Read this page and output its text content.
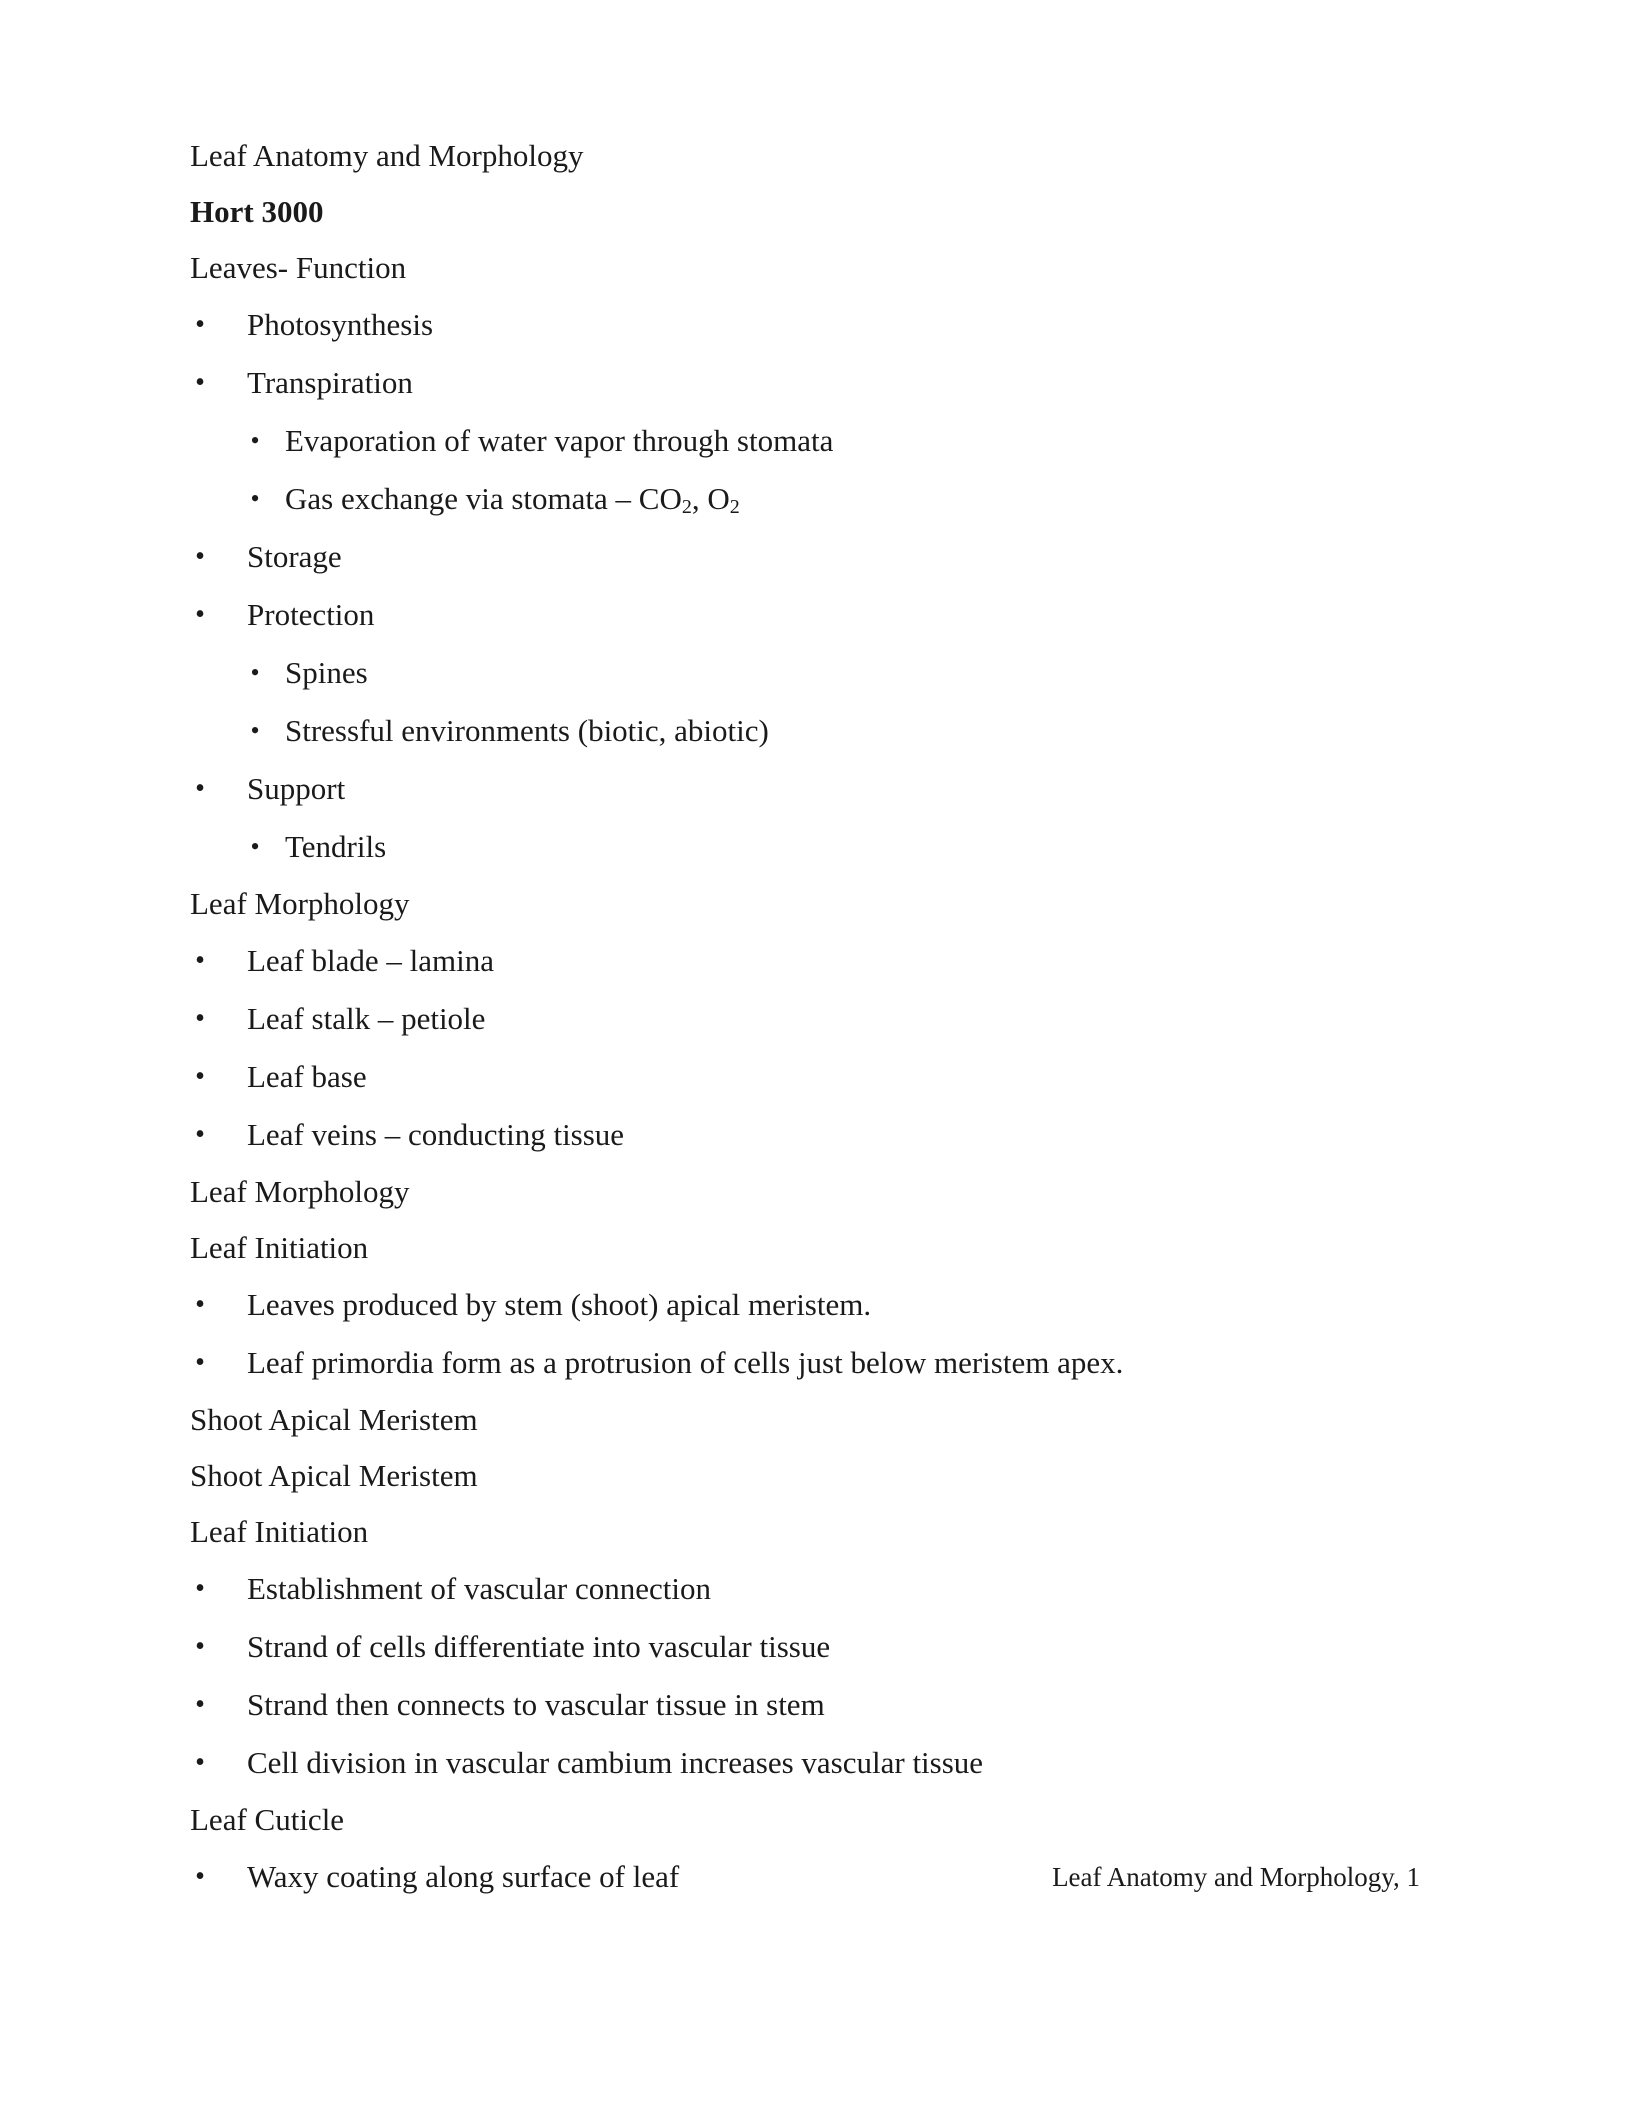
Leaf Anatomy and Morphology
Hort 3000
Leaves- Function
• Photosynthesis
• Transpiration
• Evaporation of water vapor through stomata
• Gas exchange via stomata – $CO_2$, $O_2$
• Storage
• Protection
• Spines
• Stressful environments (biotic, abiotic)
• Support
• Tendrils
Leaf Morphology
• Leaf blade – lamina
• Leaf stalk – petiole
• Leaf base
• Leaf veins – conducting tissue
Leaf Morphology
Leaf Initiation
• Leaves produced by stem (shoot) apical meristem.
• Leaf primordia form as a protrusion of cells just below meristem apex.
Shoot Apical Meristem
Shoot Apical Meristem
Leaf Initiation
• Establishment of vascular connection
• Strand of cells differentiate into vascular tissue
• Strand then connects to vascular tissue in stem
• Cell division in vascular cambium increases vascular tissue
Leaf Cuticle
• Waxy coating along surface of leaf	Leaf Anatomy and Morphology, 1
